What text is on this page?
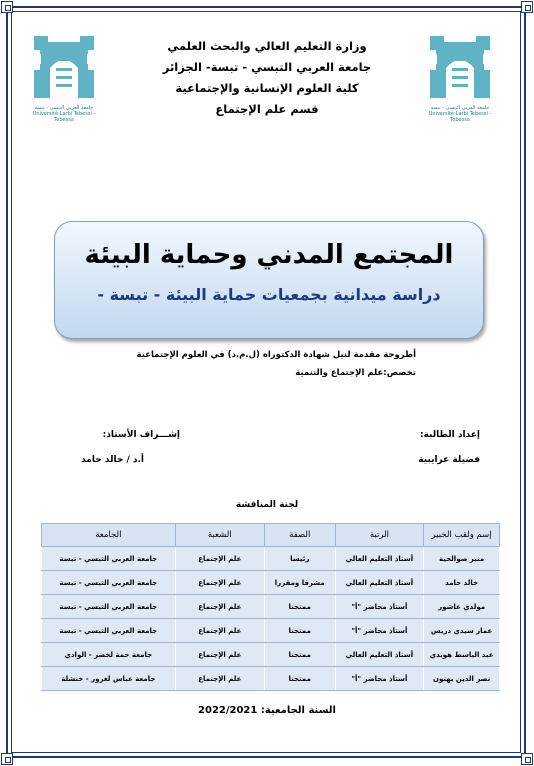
جامعة العربي التبسي - تبسة
Université Larbi Tebessi - Tébessa
جامعة العربي التبسي - تبسة
Université Larbi Tebessi - Tébessa
وزارة التعليم العالي والبحث العلمي
جامعة العربي التبسي - تبسة- الجزائر
كلية العلوم الإنسانية والإجتماعية
قسم علم الإجتماع
المجتمع المدني وحماية البيئة
دراسة ميدانية بجمعيات حماية البيئة - تبسة -
أطروحة مقدمة لنيل شهادة الدكتوراه (ل.م.د) في العلوم الإجتماعية
تخصص:علم الإجتماع والتنمية
إعداد الطالبة:
فضيلة عرايبية
إشـــراف الأستاذ:
أ.د / خالد حامد
لجنة المناقشة
إسم ولقب الخبير	الرتبة	الصفة	الشعبة	الجامعة
منير صوالحية	أستاذ التعليم العالي	رئيسا	علم الإجتماع	جامعة العربي التبسي - تبسة
خالد حامد	أستاذ التعليم العالي	مشرفا ومقررا	علم الإجتماع	جامعة العربي التبسي - تبسة
مولدي عاشور	أستاذ محاضر "أ"	ممتحنا	علم الإجتماع	جامعة العربي التبسي - تبسة
عمار سيدي دريس	أستاذ محاضر "أ"	ممتحنا	علم الإجتماع	جامعة العربي التبسي - تبسة
عبد الباسط هويدي	أستاذ التعليم العالي	ممتحنا	علم الإجتماع	جامعة حمة لخضر - الوادي
نصر الدين بهتون	أستاذ محاضر "أ"	ممتحنا	علم الإجتماع	جامعة عباس لغرور - خنشلة
السنة الجامعية: 2022/2021
